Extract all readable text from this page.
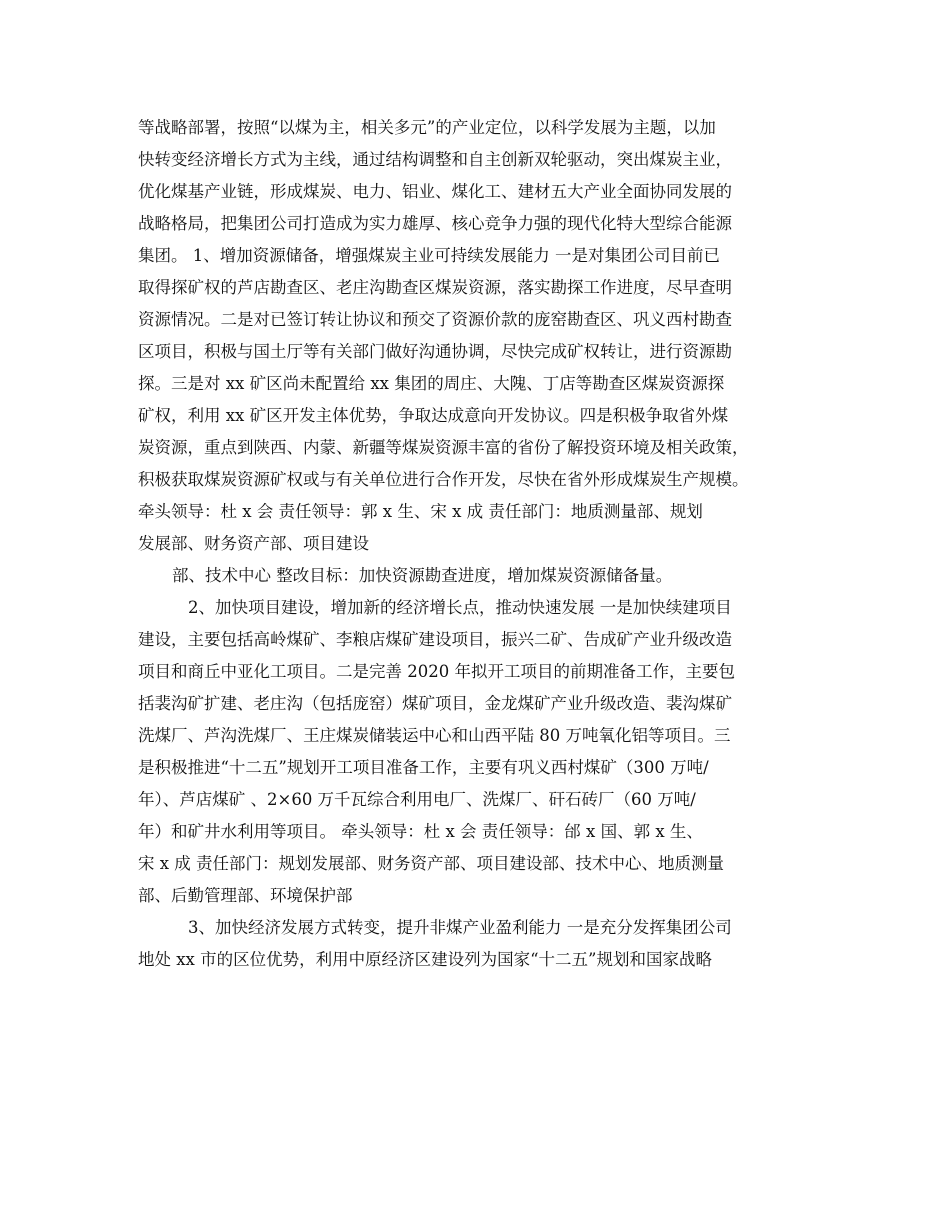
等战略部署，按照“以煤为主，相关多元”的产业定位，以科学发展为主题，以加
快转变经济增长方式为主线，通过结构调整和自主创新双轮驱动，突出煤炭主业，
优化煤基产业链，形成煤炭、电力、铝业、煤化工、建材五大产业全面协同发展的
战略格局，把集团公司打造成为实力雄厚、核心竞争力强的现代化特大型综合能源
集团。 1、增加资源储备，增强煤炭主业可持续发展能力 一是对集团公司目前已
取得探矿权的芦店勘查区、老庄沟勘查区煤炭资源，落实勘探工作进度，尽早查明
资源情况。二是对已签订转让协议和预交了资源价款的庞窑勘查区、巩义西村勘查
区项目，积极与国土厅等有关部门做好沟通协调，尽快完成矿权转让，进行资源勘
探。三是对 xx 矿区尚未配置给 xx 集团的周庄、大隗、丁店等勘查区煤炭资源探
矿权，利用 xx 矿区开发主体优势，争取达成意向开发协议。四是积极争取省外煤
炭资源，重点到陕西、内蒙、新疆等煤炭资源丰富的省份了解投资环境及相关政策，
积极获取煤炭资源矿权或与有关单位进行合作开发，尽快在省外形成煤炭生产规模。
牵头领导：杜 x 会 责任领导：郭 x 生、宋 x 成 责任部门：地质测量部、规划
发展部、财务资产部、项目建设
部、技术中心 整改目标：加快资源勘查进度，增加煤炭资源储备量。
2、加快项目建设，增加新的经济增长点，推动快速发展 一是加快续建项目
建设，主要包括高岭煤矿、李粮店煤矿建设项目，振兴二矿、告成矿产业升级改造
项目和商丘中亚化工项目。二是完善 2020 年拟开工项目的前期准备工作，主要包
括裴沟矿扩建、老庄沟（包括庞窑）煤矿项目，金龙煤矿产业升级改造、裴沟煤矿
洗煤厂、芦沟洗煤厂、王庄煤炭储装运中心和山西平陆 80 万吨氧化铝等项目。三
是积极推进“十二五”规划开工项目准备工作，主要有巩义西村煤矿（300 万吨/
年）、芦店煤矿 、2×60 万千瓦综合利用电厂、洗煤厂、矸石砖厂（60 万吨/
年）和矿井水利用等项目。 牵头领导：杜 x 会 责任领导：邰 x 国、郭 x 生、
宋 x 成 责任部门：规划发展部、财务资产部、项目建设部、技术中心、地质测量
部、后勤管理部、环境保护部
3、加快经济发展方式转变，提升非煤产业盈利能力 一是充分发挥集团公司
地处 xx 市的区位优势，利用中原经济区建设列为国家“十二五”规划和国家战略
